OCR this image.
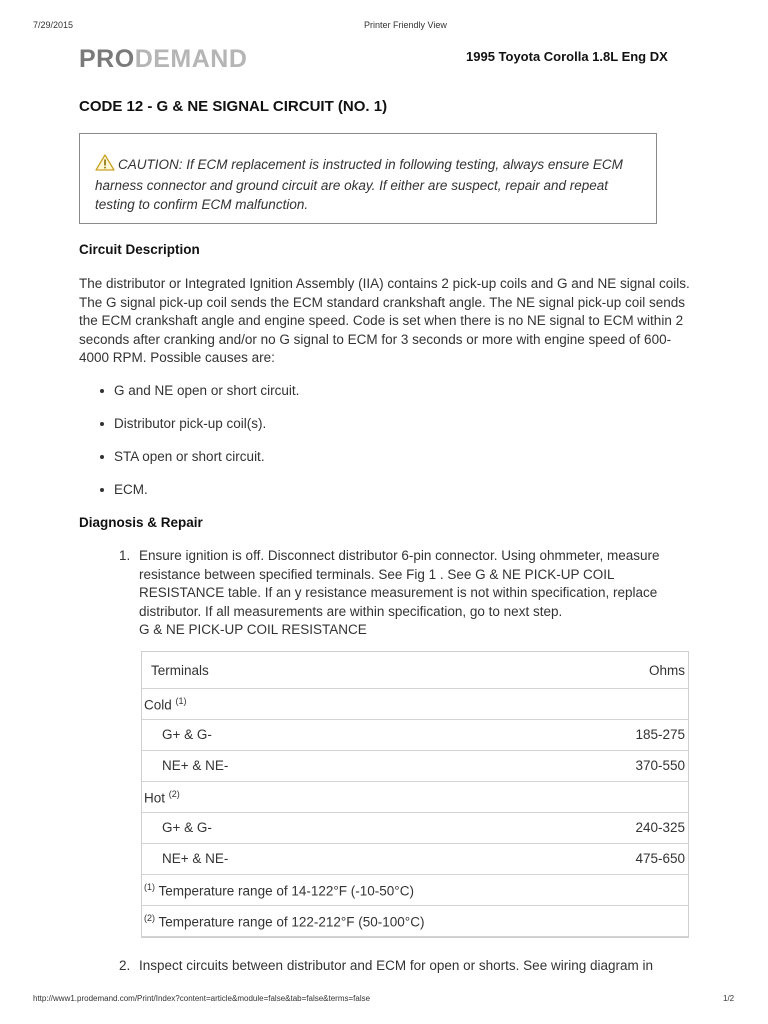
7/29/2015	Printer Friendly View
PRODEMAND	1995 Toyota Corolla 1.8L Eng DX
CODE 12 - G & NE SIGNAL CIRCUIT (NO. 1)
CAUTION: If ECM replacement is instructed in following testing, always ensure ECM harness connector and ground circuit are okay. If either are suspect, repair and repeat testing to confirm ECM malfunction.
Circuit Description
The distributor or Integrated Ignition Assembly (IIA) contains 2 pick-up coils and G and NE signal coils. The G signal pick-up coil sends the ECM standard crankshaft angle. The NE signal pick-up coil sends the ECM crankshaft angle and engine speed. Code is set when there is no NE signal to ECM within 2 seconds after cranking and/or no G signal to ECM for 3 seconds or more with engine speed of 600-4000 RPM. Possible causes are:
G and NE open or short circuit.
Distributor pick-up coil(s).
STA open or short circuit.
ECM.
Diagnosis & Repair
1. Ensure ignition is off. Disconnect distributor 6-pin connector. Using ohmmeter, measure resistance between specified terminals. See Fig 1 . See G & NE PICK-UP COIL RESISTANCE table. If an y resistance measurement is not within specification, replace distributor. If all measurements are within specification, go to next step.
G & NE PICK-UP COIL RESISTANCE
Terminals	Ohms
Cold $^{(1)}$
G+ & G-	185-275
NE+ & NE-	370-550
Hot $^{(2)}$
G+ & G-	240-325
NE+ & NE-	475-650
$^{(1)}$ Temperature range of 14-122°F (-10-50°C)
$^{(2)}$ Temperature range of 122-212°F (50-100°C)
2. Inspect circuits between distributor and ECM for open or shorts. See wiring diagram in
http://www1.prodemand.com/Print/Index?content=article&module=false&tab=false&terms=false	1/2
